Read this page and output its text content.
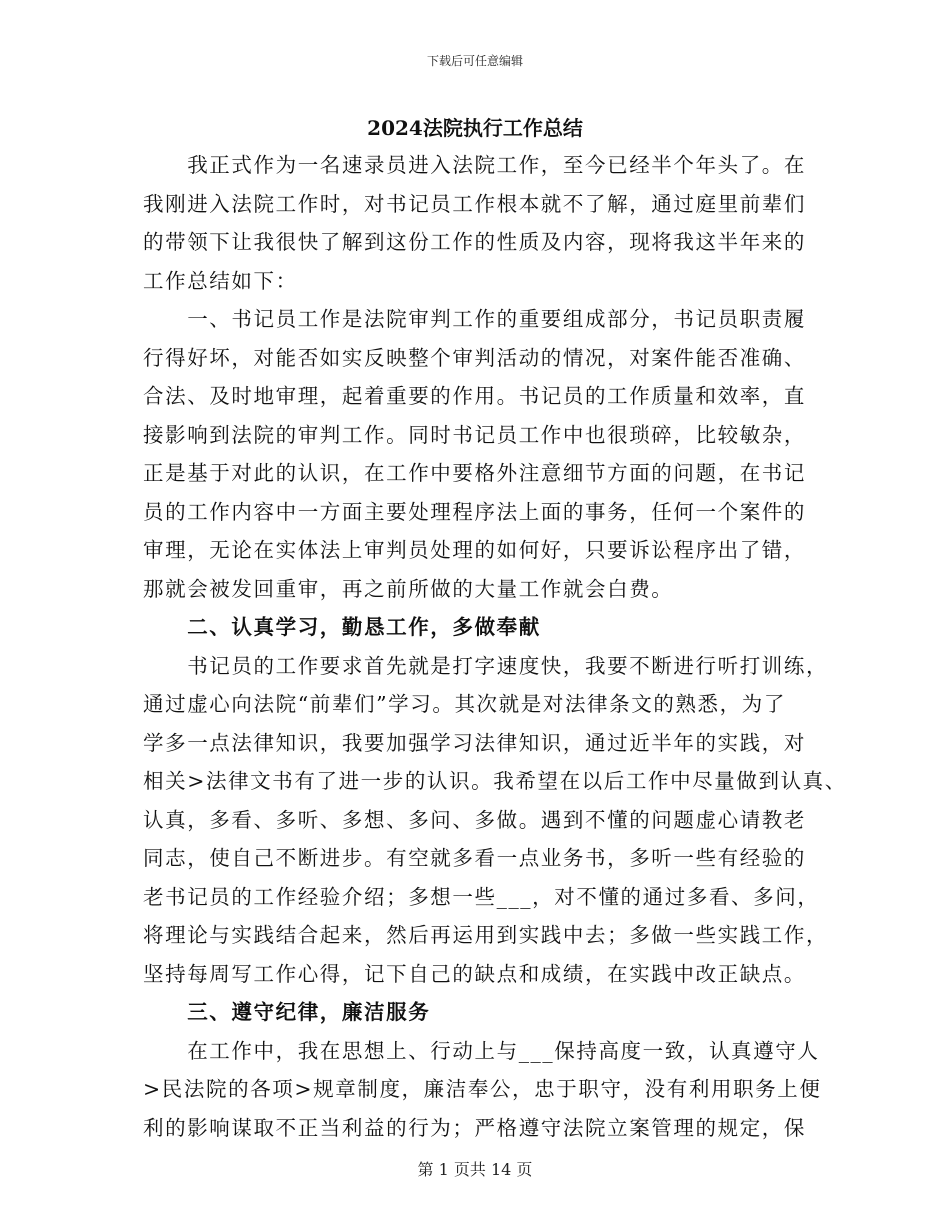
下载后可任意编辑
2024法院执行工作总结
　　我正式作为一名速录员进入法院工作，至今已经半个年头了。在
我刚进入法院工作时，对书记员工作根本就不了解，通过庭里前辈们
的带领下让我很快了解到这份工作的性质及内容，现将我这半年来的
工作总结如下：
　　一、书记员工作是法院审判工作的重要组成部分，书记员职责履
行得好坏，对能否如实反映整个审判活动的情况，对案件能否准确、
合法、及时地审理，起着重要的作用。书记员的工作质量和效率，直
接影响到法院的审判工作。同时书记员工作中也很琐碎，比较敏杂，
正是基于对此的认识，在工作中要格外注意细节方面的问题，在书记
员的工作内容中一方面主要处理程序法上面的事务，任何一个案件的
审理，无论在实体法上审判员处理的如何好，只要诉讼程序出了错，
那就会被发回重审，再之前所做的大量工作就会白费。
　　二、认真学习，勤恳工作，多做奉献
　　书记员的工作要求首先就是打字速度快，我要不断进行听打训练，
通过虚心向法院“前辈们”学习。其次就是对法律条文的熟悉，为了
学多一点法律知识，我要加强学习法律知识，通过近半年的实践，对
相关>法律文书有了进一步的认识。我希望在以后工作中尽量做到认真、
认真，多看、多听、多想、多问、多做。遇到不懂的问题虚心请教老
同志，使自己不断进步。有空就多看一点业务书，多听一些有经验的
老书记员的工作经验介绍；多想一些___，对不懂的通过多看、多问，
将理论与实践结合起来，然后再运用到实践中去；多做一些实践工作，
坚持每周写工作心得，记下自己的缺点和成绩，在实践中改正缺点。
　　三、遵守纪律，廉洁服务
　　在工作中，我在思想上、行动上与___保持高度一致，认真遵守人
>民法院的各项>规章制度，廉洁奉公，忠于职守，没有利用职务上便
利的影响谋取不正当利益的行为；严格遵守法院立案管理的规定，保
第 1 页共 14 页
